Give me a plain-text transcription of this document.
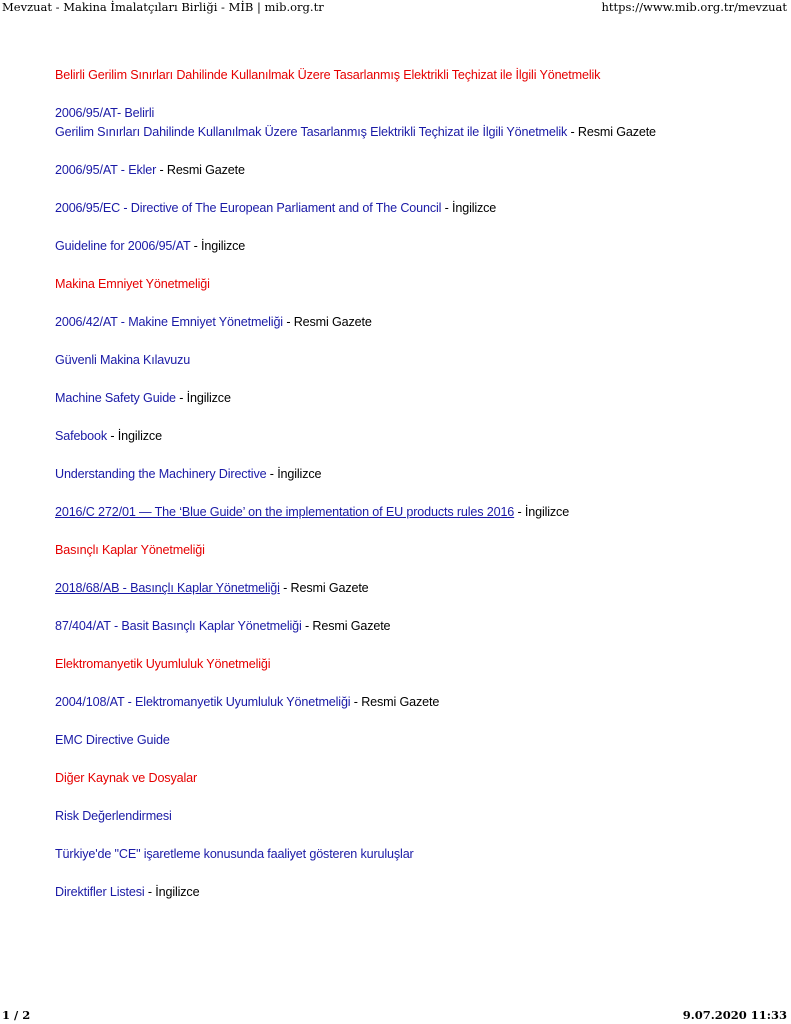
Mevzuat - Makina İmalatçıları Birliği - MİB | mib.org.tr	https://www.mib.org.tr/mevzuat
Belirli Gerilim Sınırları Dahilinde Kullanılmak Üzere Tasarlanmış Elektrikli Teçhizat ile İlgili Yönetmelik
2006/95/AT- Belirli
Gerilim Sınırları Dahilinde Kullanılmak Üzere Tasarlanmış Elektrikli Teçhizat ile İlgili Yönetmelik - Resmi Gazete
2006/95/AT - Ekler - Resmi Gazete
2006/95/EC - Directive of The European Parliament and of The Council - İngilizce
Guideline for 2006/95/AT - İngilizce
Makina Emniyet Yönetmeliği
2006/42/AT - Makine Emniyet Yönetmeliği - Resmi Gazete
Güvenli Makina Kılavuzu
Machine Safety Guide - İngilizce
Safebook - İngilizce
Understanding the Machinery Directive - İngilizce
2016/C 272/01 — The ‘Blue Guide’ on the implementation of EU products rules 2016 - İngilizce
Basınçlı Kaplar Yönetmeliği
2018/68/AB - Basınçlı Kaplar Yönetmeliği - Resmi Gazete
87/404/AT - Basit Basınçlı Kaplar Yönetmeliği - Resmi Gazete
Elektromanyetik Uyumluluk Yönetmeliği
2004/108/AT - Elektromanyetik Uyumluluk Yönetmeliği - Resmi Gazete
EMC Directive Guide
Diğer Kaynak ve Dosyalar
Risk Değerlendirmesi
Türkiye'de "CE" işaretleme konusunda faaliyet gösteren kuruluşlar
Direktifler Listesi - İngilizce
1 / 2	9.07.2020 11:33
